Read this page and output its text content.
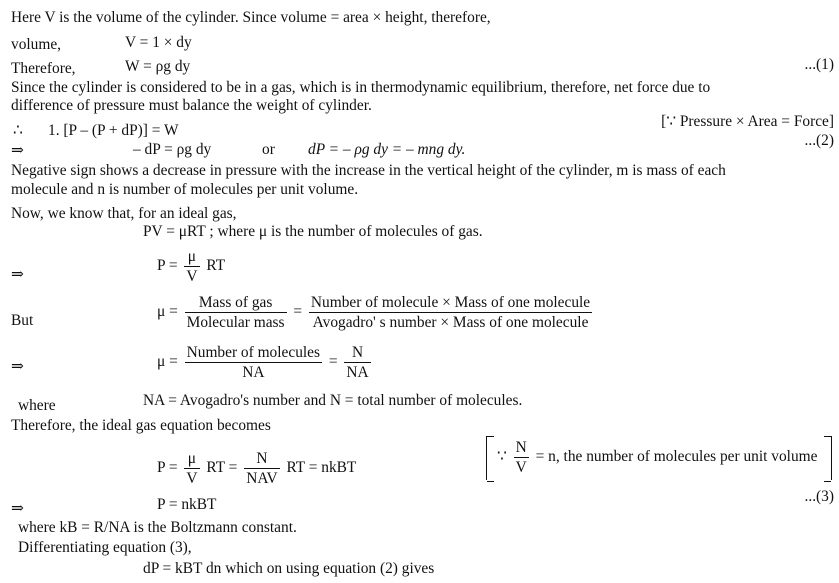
Here V is the volume of the cylinder. Since volume = area × height, therefore,
volume,	V = 1 × dy
Therefore,	W = ρg dy	...(1)
Since the cylinder is considered to be in a gas, which is in thermodynamic equilibrium, therefore, net force due to
difference of pressure must balance the weight of cylinder.
∴ 1. [P – (P + dP)] = W
[∵ Pressure × Area = Force]
⇒	– dP = ρg dy	or dP = – ρg dy = – mng dy.
...(2)
Negative sign shows a decrease in pressure with the increase in the vertical height of the cylinder, m is mass of each
molecule and n is number of molecules per unit volume.
Now, we know that, for an ideal gas,
PV = μRT ; where μ is the number of molecules of gas.
⇒
$P = \frac{\mu}{V}$ RT
But
$\mu = \frac{\text{Mass of gas}}{\text{Molecular mass}} = \frac{\text{Number of molecule × Mass of one molecule}}{\text{Avogadro' s number × Mass of one molecule}}$
⇒	$\mu = \frac{\text{Number of molecules}}{NA} = \frac{N}{NA}$
where	NA = Avogadro's number and N = total number of molecules.
Therefore, the ideal gas equation becomes
$P = \frac{\mu}{V}$ RT = $\frac{N}{\text{NAV}}$ RT = nkBT
∵ $\frac{N}{V} = n$, the number of molecules per unit volume
⇒	P = nkBT	...(3)
where kB = R/NA is the Boltzmann constant.
Differentiating equation (3),
dP = kBT dn which on using equation (2) gives
